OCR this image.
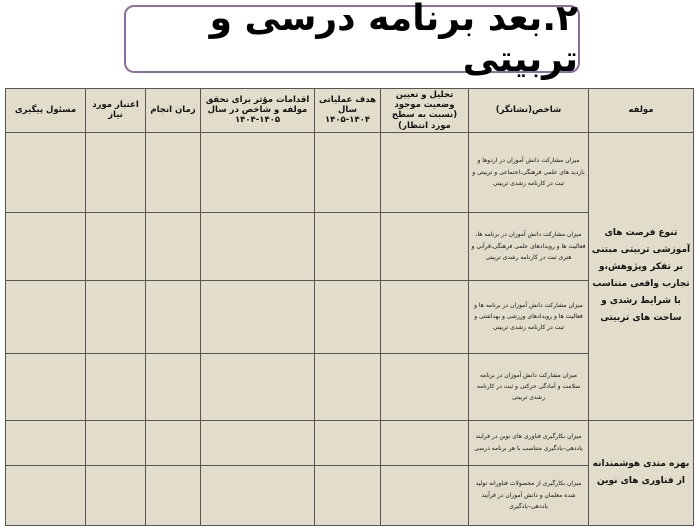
۲.بعد برنامه درسی و تربیتی
مولفه	شاخص(نشانگر)	تحلیل و تعیین وضعیت موجود (نسبت به سطح مورد انتظار)	هدف عملیاتی سال ۱۴۰۴-۱۴۰۵	اقدامات مؤثر برای تحقق مولفه و شاخص در سال ۱۴۰۵-۱۴۰۴	زمان انجام	اعتبار مورد نیاز	مسئول پیگیری
تنوع فرصت های آموزشی تربیتی مبتنی بر تفکر وپژوهش،و تجارب واقعی متناسب با شرایط رشدی و ساحت های تربیتی	میزان مشارکت دانش آموزان در اردوها و بازدید های علمی فرهنگی،اجتماعی و تربیتی و ثبت در کارنامه رشدی تربیتی						
	میزان مشارکت دانش آموزان در برنامه ها، فعالیت ها و رویدادهای علمی فرهنگی،قرآنی و هنری ثبت در کارنامه رشدی تربیتی						
	میزان مشارکت دانش آموزان در برنامه ها و فعالیت ها و رویدادهای ورزشی و بهداشتی و ثبت در کارنامه رشدی تربیتی						
	میزان مشارکت دانش آموزان در برنامه سلامت و آمادگی حرکتی و ثبت در کارنامه رشدی تربیتی						
بهره مندی هوشمندانه از فناوری های نوین	میزان بکارگیری فناوری های نوین در فرایند یاددهی–یادگیری متناسب با هر برنامه درسی						
	میزان بکارگیری از محصولات فناورانه تولید شده معلمان و دانش آموزان در فرآیند یاددهی–یادگیری						
